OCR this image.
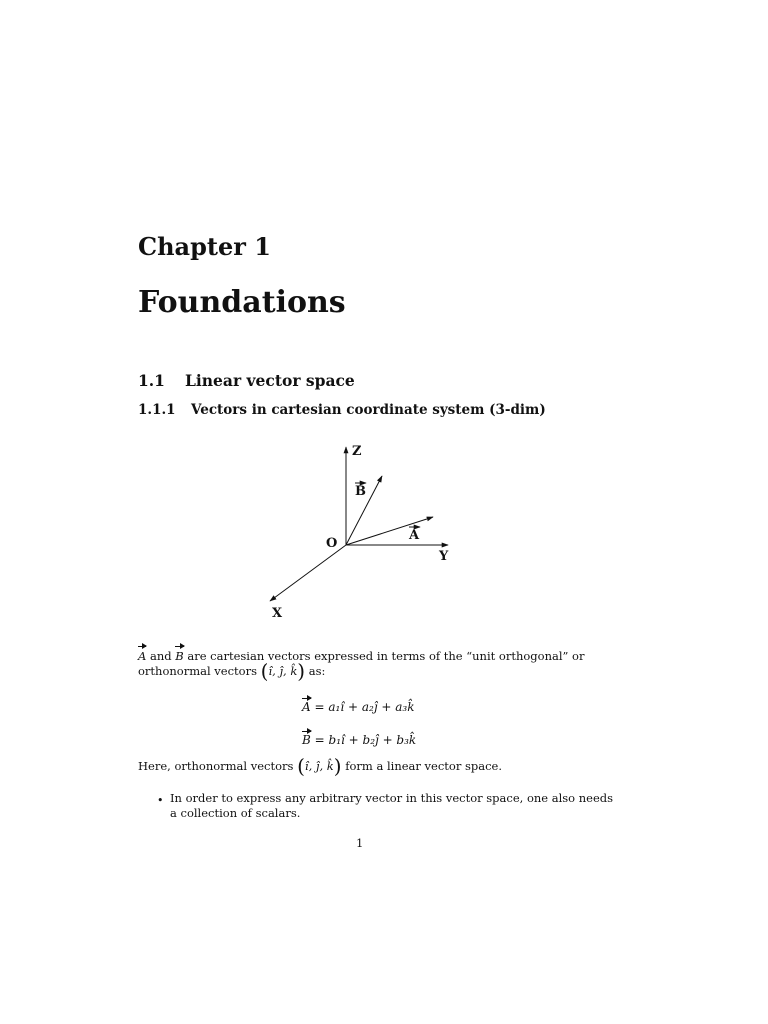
Chapter 1
Foundations
1.1 Linear vector space
1.1.1 Vectors in cartesian coordinate system (3-dim)
Z
Y
X
O
B
A
A and B are cartesian vectors expressed in terms of the “unit orthogonal” or
orthonormal vectors (î, ĵ, k̂) as:
A = a₁î + a₂ĵ + a₃k̂
B = b₁î + b₂ĵ + b₃k̂
Here, orthonormal vectors (î, ĵ, k̂) form a linear vector space.
• In order to express any arbitrary vector in this vector space, one also needs
a collection of scalars.
1
